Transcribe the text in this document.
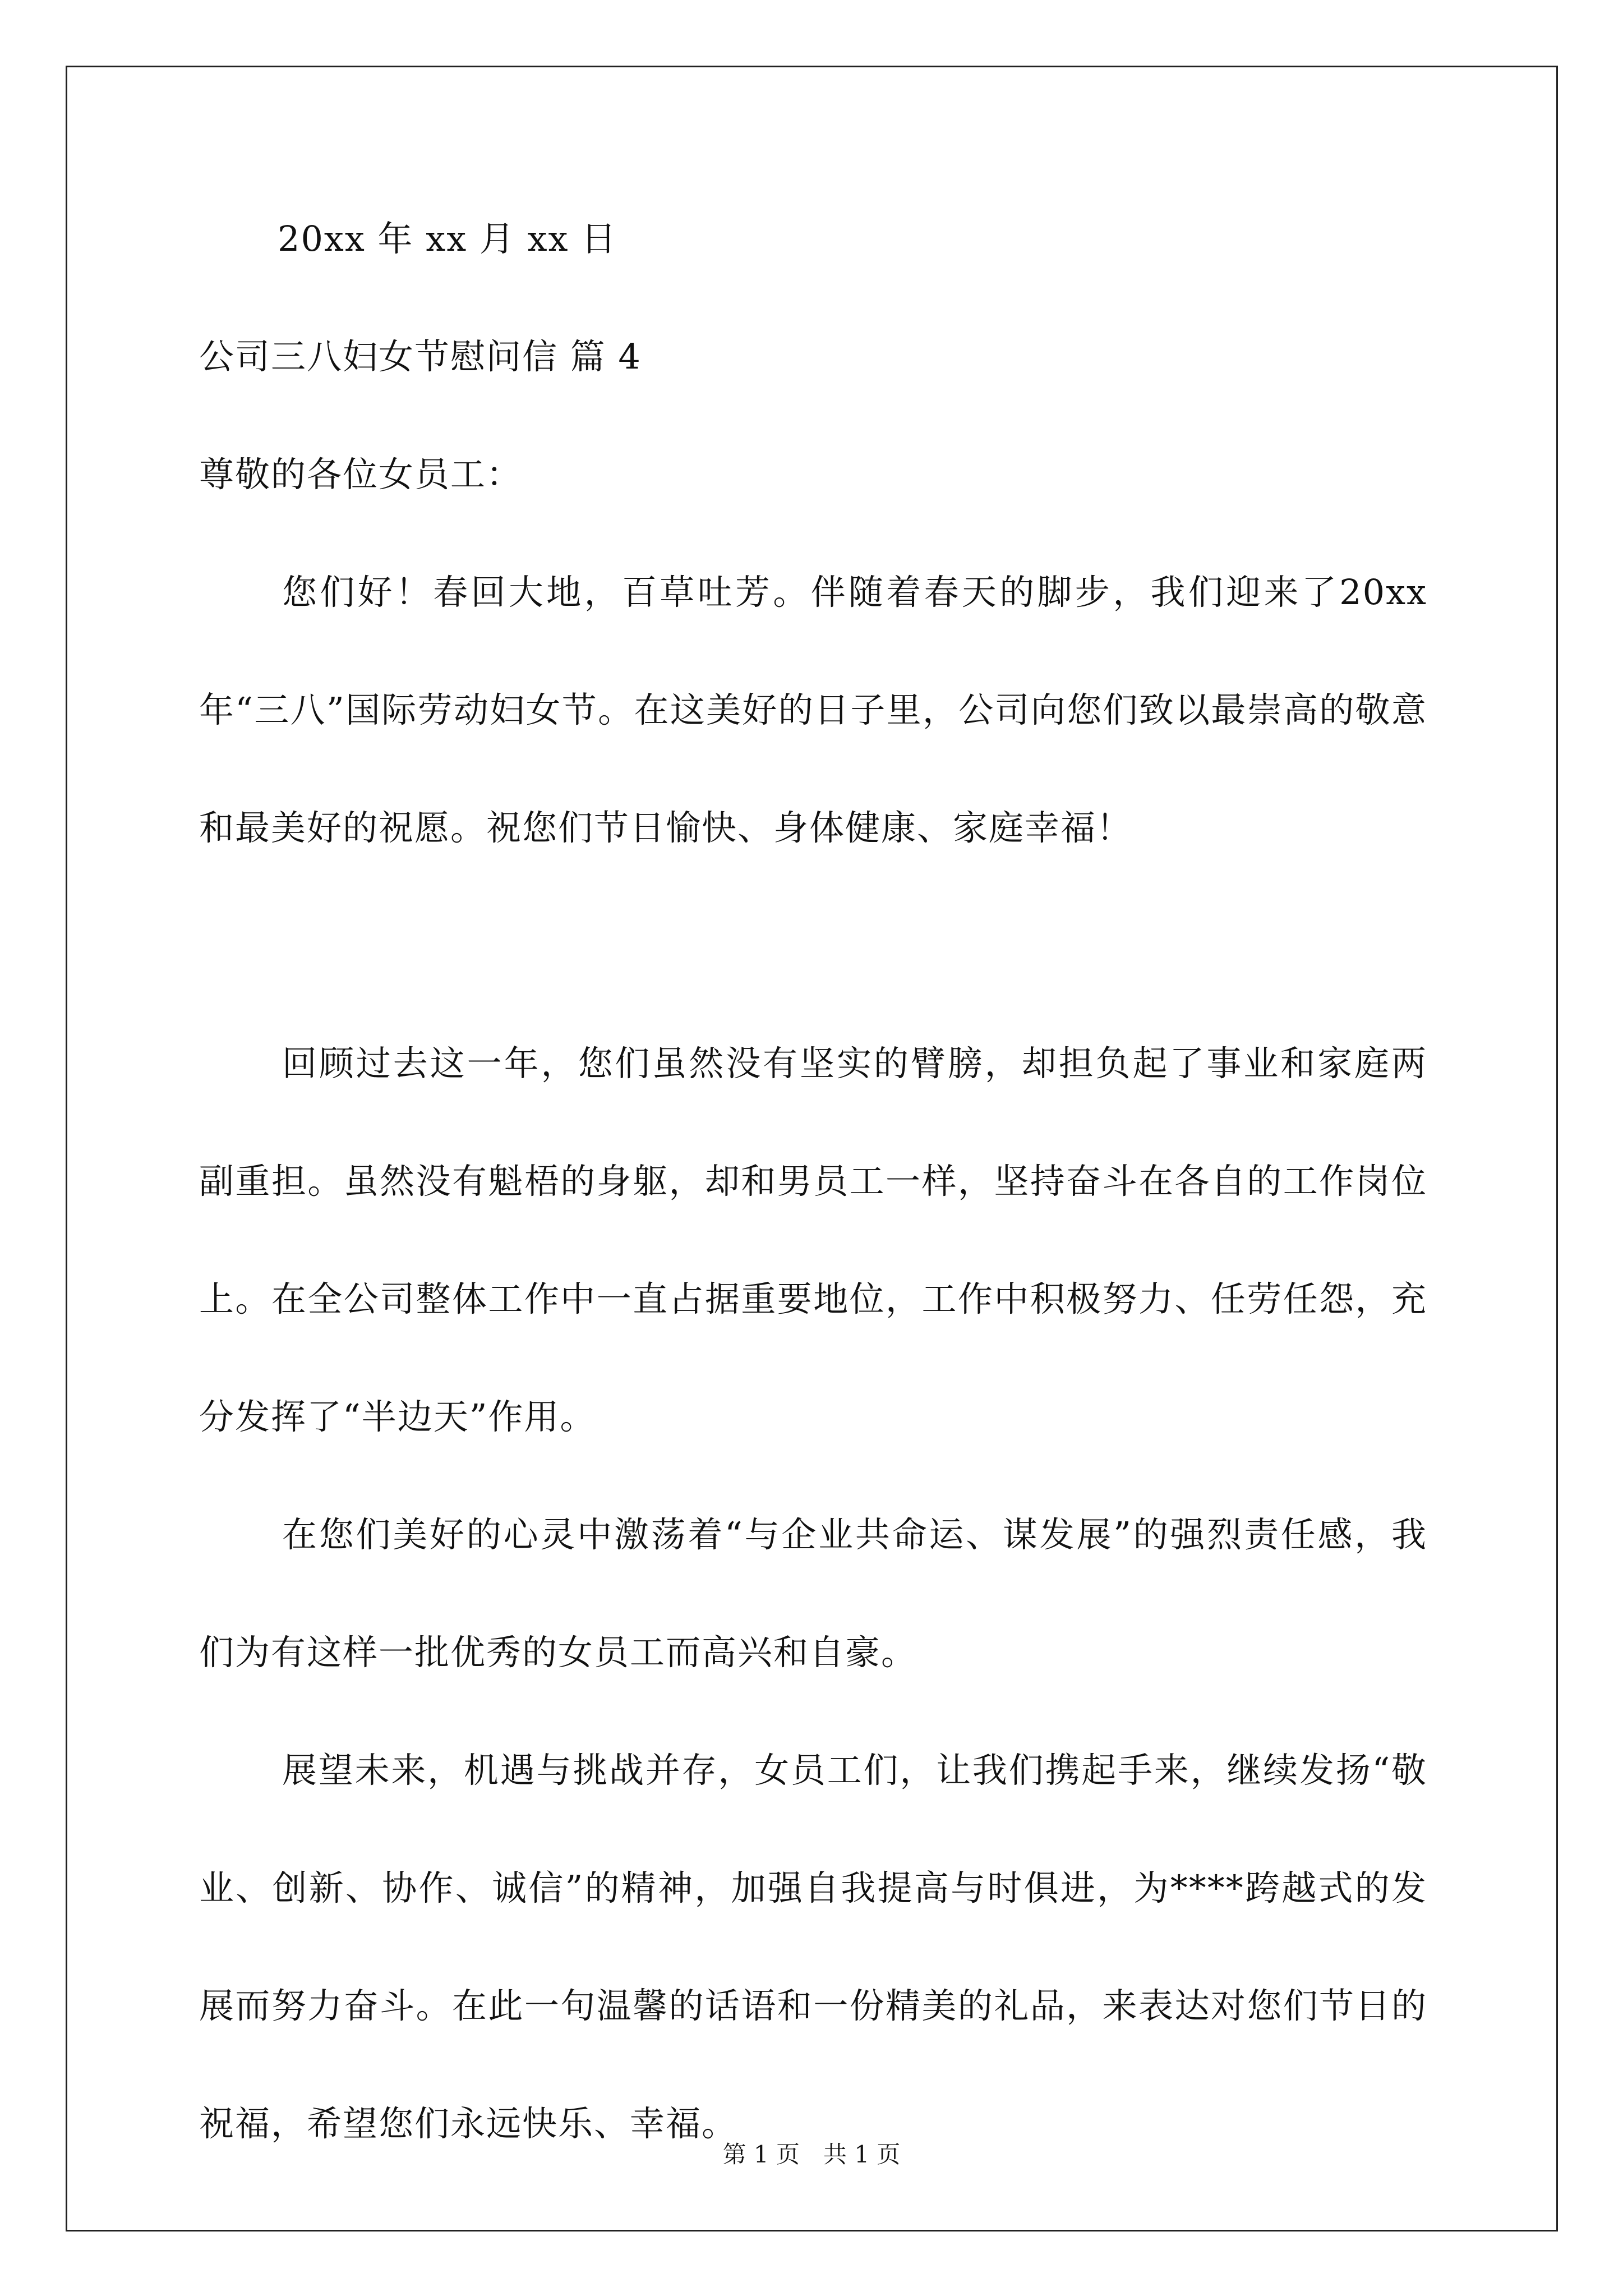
20xx 年 xx 月 xx 日
公司三八妇女节慰问信 篇 4
尊敬的各位女员工：
您们好！春回大地，百草吐芳。伴随着春天的脚步，我们迎来了20xx 年“三八”国际劳动妇女节。在这美好的日子里，公司向您们致以最崇高的敬意和最美好的祝愿。祝您们节日愉快、身体健康、家庭幸福！
回顾过去这一年，您们虽然没有坚实的臂膀，却担负起了事业和家庭两副重担。虽然没有魁梧的身躯，却和男员工一样，坚持奋斗在各自的工作岗位上。在全公司整体工作中一直占据重要地位，工作中积极努力、任劳任怨，充分发挥了“半边天”作用。
在您们美好的心灵中激荡着“与企业共命运、谋发展”的强烈责任感，我们为有这样一批优秀的女员工而高兴和自豪。
展望未来，机遇与挑战并存，女员工们，让我们携起手来，继续发扬“敬业、创新、协作、诚信”的精神，加强自我提高与时俱进，为****跨越式的发展而努力奋斗。在此一句温馨的话语和一份精美的礼品，来表达对您们节日的祝福，希望您们永远快乐、幸福。
第 1 页　共 1 页
